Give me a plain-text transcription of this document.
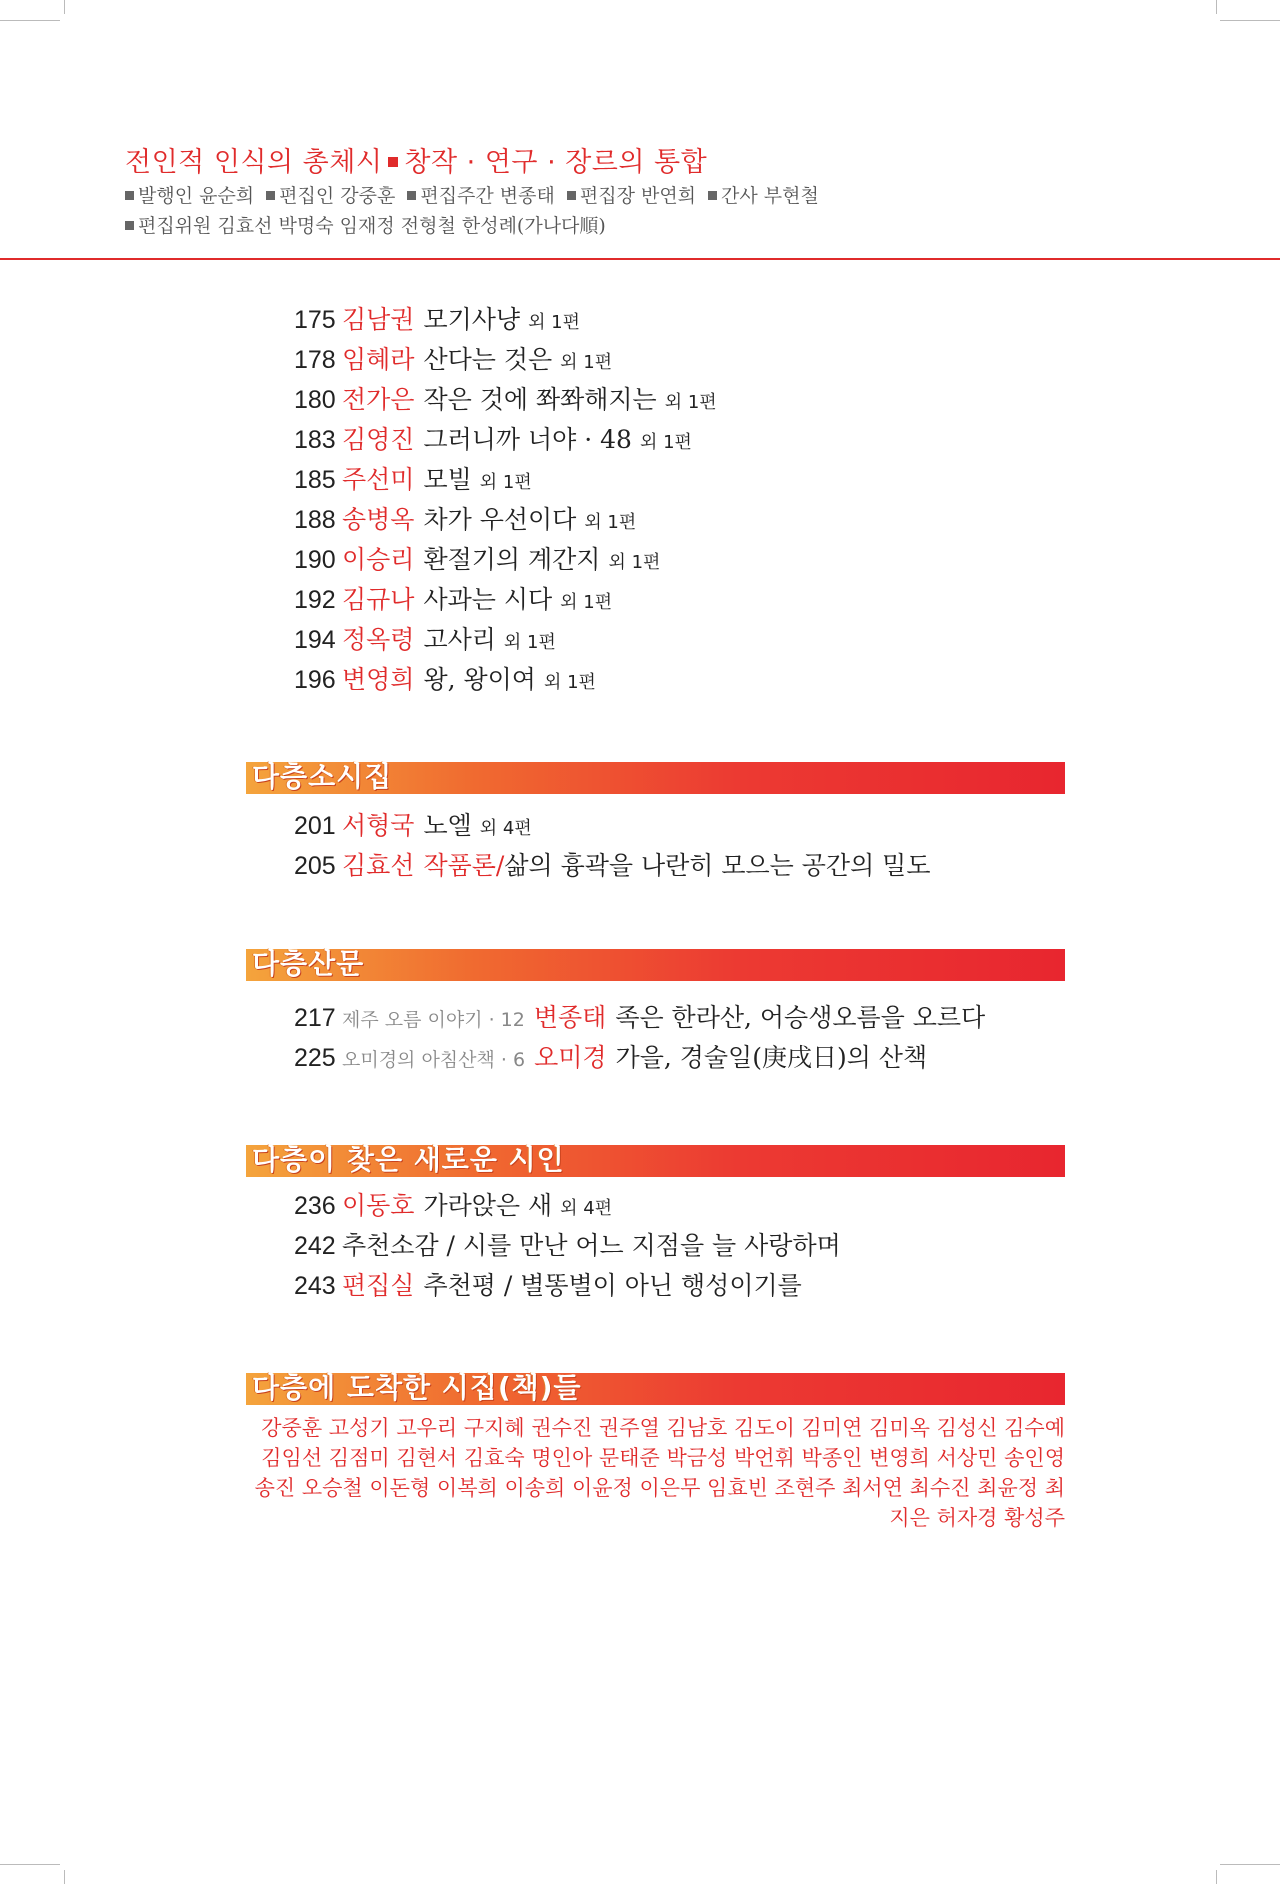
전인적 인식의 총체시 창작 · 연구 · 장르의 통합
발행인 윤순희 편집인 강중훈 편집주간 변종태 편집장 반연희 간사 부현철
편집위원 김효선 박명숙 임재정 전형철 한성례(가나다順)
175 김남권 모기사냥 외 1편
178 임혜라 산다는 것은 외 1편
180 전가은 작은 것에 쫘쫘해지는 외 1편
183 김영진 그러니까 너야 · 48 외 1편
185 주선미 모빌 외 1편
188 송병옥 차가 우선이다 외 1편
190 이승리 환절기의 계간지 외 1편
192 김규나 사과는 시다 외 1편
194 정옥령 고사리 외 1편
196 변영희 왕, 왕이여 외 1편
다층소시집
201 서형국 노엘 외 4편
205 김효선 작품론/삶의 흉곽을 나란히 모으는 공간의 밀도
다층산문
217 제주 오름 이야기 · 12 변종태 족은 한라산, 어승생오름을 오르다
225 오미경의 아침산책 · 6 오미경 가을, 경술일(庚戌日)의 산책
다층이 찾은 새로운 시인
236 이동호 가라앉은 새 외 4편
242 추천소감 / 시를 만난 어느 지점을 늘 사랑하며
243 편집실 추천평 / 별똥별이 아닌 행성이기를
다층에 도착한 시집(책)들
강중훈 고성기 고우리 구지혜 권수진 권주열 김남호 김도이 김미연 김미옥 김성신 김수예 김임선 김점미 김현서 김효숙 명인아 문태준 박금성 박언휘 박종인 변영희 서상민 송인영 송진 오승철 이돈형 이복희 이송희 이윤정 이은무 임효빈 조현주 최서연 최수진 최윤정 최지은 허자경 황성주
